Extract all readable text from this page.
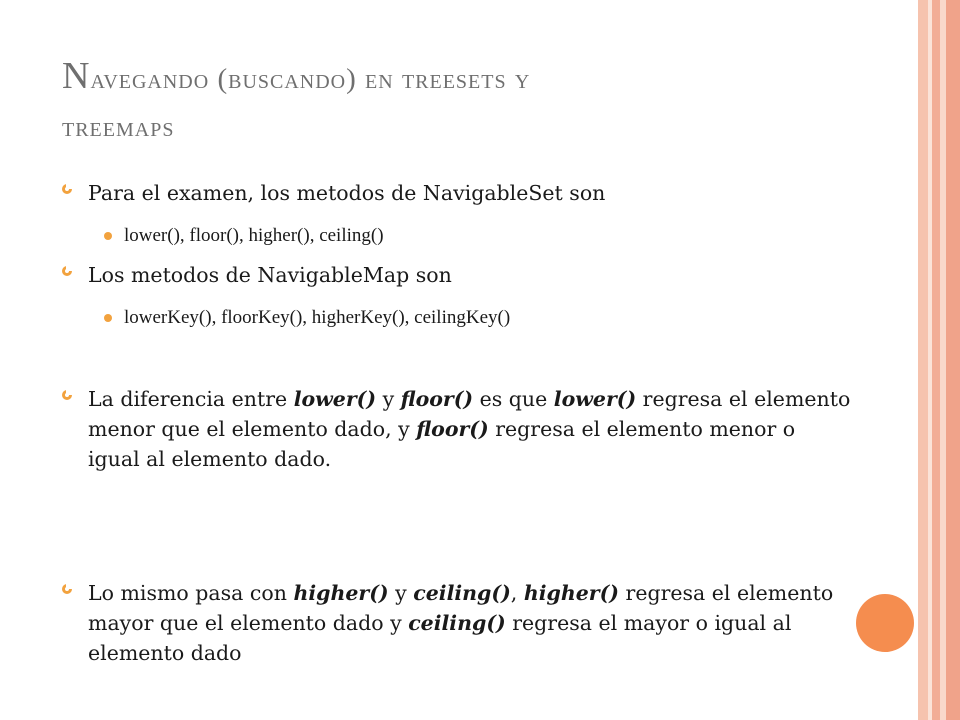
Navegando (buscando) en treesets y
treemaps
Para el examen, los metodos de NavigableSet son
lower(), floor(), higher(), ceiling()
Los metodos de NavigableMap son
lowerKey(), floorKey(), higherKey(), ceilingKey()
La diferencia entre lower() y floor() es que lower() regresa el elemento menor que el elemento dado, y floor() regresa el elemento menor o igual al elemento dado.
Lo mismo pasa con higher() y ceiling(), higher() regresa el elemento mayor que el elemento dado y ceiling() regresa el mayor o igual al elemento dado
